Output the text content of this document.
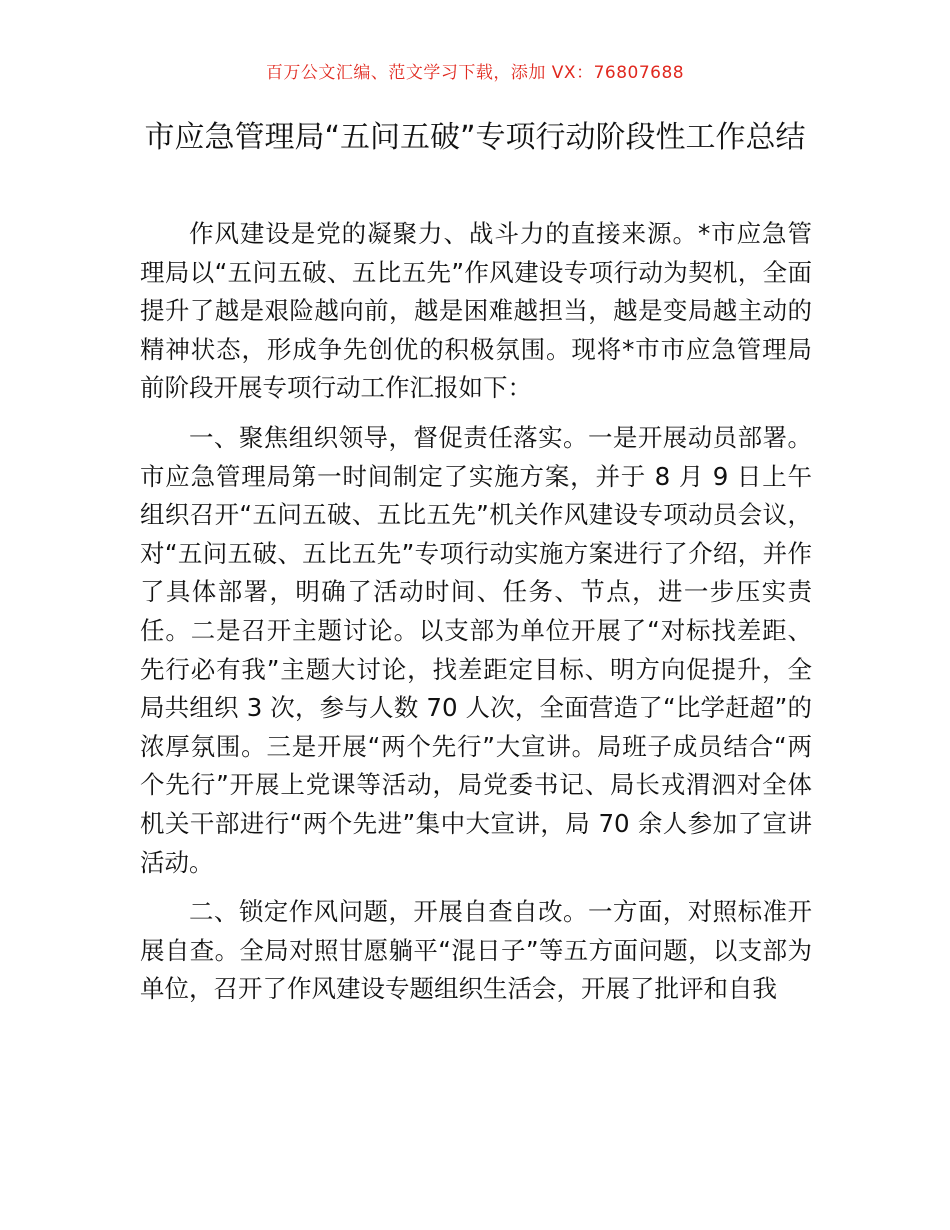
百万公文汇编、范文学习下载，添加 VX：76807688
市应急管理局“五问五破”专项行动阶段性工作总结

作风建设是党的凝聚力、战斗力的直接来源。*市应急管理局以“五问五破、五比五先”作风建设专项行动为契机，全面提升了越是艰险越向前，越是困难越担当，越是变局越主动的精神状态，形成争先创优的积极氛围。现将*市市应急管理局前阶段开展专项行动工作汇报如下：

一、聚焦组织领导，督促责任落实。一是开展动员部署。市应急管理局第一时间制定了实施方案，并于 8 月 9 日上午组织召开“五问五破、五比五先”机关作风建设专项动员会议，对“五问五破、五比五先”专项行动实施方案进行了介绍，并作了具体部署，明确了活动时间、任务、节点，进一步压实责任。二是召开主题讨论。以支部为单位开展了“对标找差距、先行必有我”主题大讨论，找差距定目标、明方向促提升，全局共组织 3 次，参与人数 70 人次，全面营造了“比学赶超”的浓厚氛围。三是开展“两个先行”大宣讲。局班子成员结合“两个先行”开展上党课等活动，局党委书记、局长戎渭泗对全体机关干部进行“两个先进”集中大宣讲，局 70 余人参加了宣讲活动。

二、锁定作风问题，开展自查自改。一方面，对照标准开展自查。全局对照甘愿躺平“混日子”等五方面问题，以支部为单位，召开了作风建设专题组织生活会，开展了批评和自我
